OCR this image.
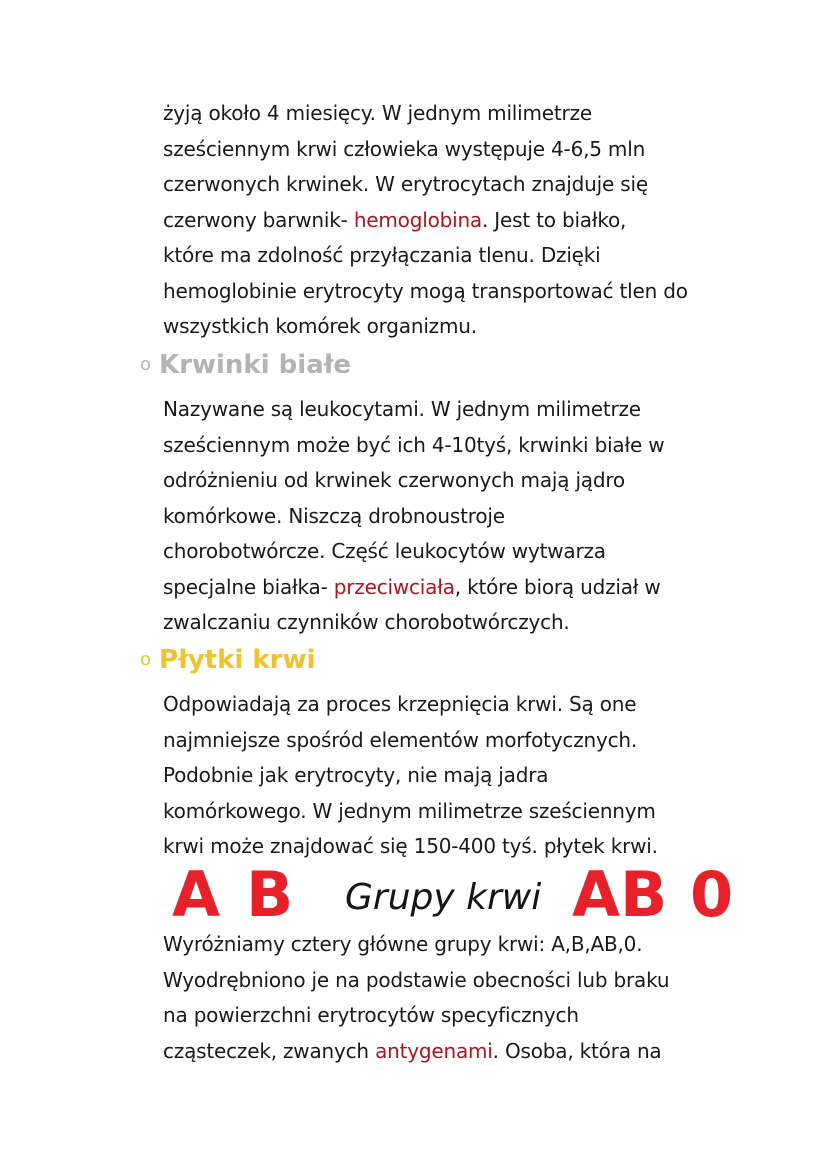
żyją około 4 miesięcy. W jednym milimetrze
sześciennym krwi człowieka występuje 4-6,5 mln
czerwonych krwinek. W erytrocytach znajduje się
czerwony barwnik- hemoglobina. Jest to białko,
które ma zdolność przyłączania tlenu. Dzięki
hemoglobinie erytrocyty mogą transportować tlen do
wszystkich komórek organizmu.
o Krwinki białe
Nazywane są leukocytami. W jednym milimetrze
sześciennym może być ich 4-10tyś, krwinki białe w
odróżnieniu od krwinek czerwonych mają jądro
komórkowe. Niszczą drobnoustroje
chorobotwórcze. Część leukocytów wytwarza
specjalne białka- przeciwciała, które biorą udział w
zwalczaniu czynników chorobotwórczych.
o Płytki krwi
Odpowiadają za proces krzepnięcia krwi. Są one
najmniejsze spośród elementów morfotycznych.
Podobnie jak erytrocyty, nie mają jadra
komórkowego. W jednym milimetrze sześciennym
krwi może znajdować się 150-400 tyś. płytek krwi.
A B Grupy krwi AB 0
Wyróżniamy cztery główne grupy krwi: A,B,AB,0.
Wyodrębniono je na podstawie obecności lub braku
na powierzchni erytrocytów specyficznych
cząsteczek, zwanych antygenami. Osoba, która na
